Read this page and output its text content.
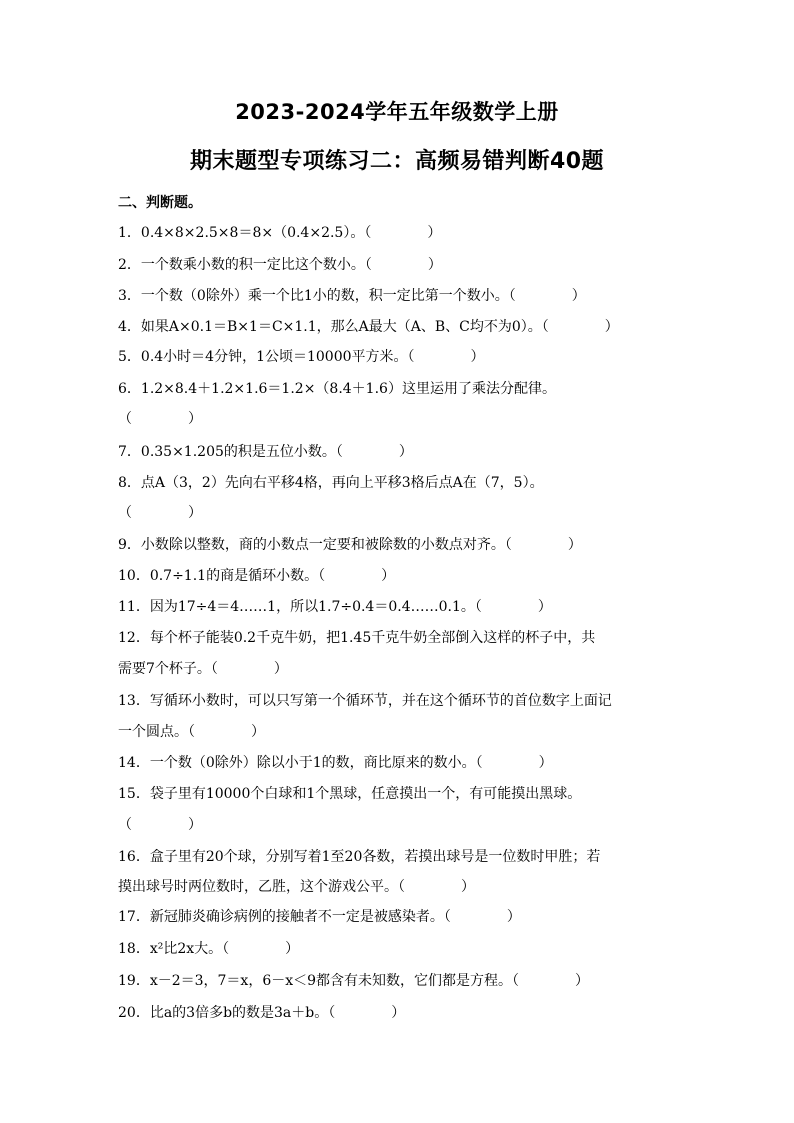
2023-2024学年五年级数学上册
期末题型专项练习二：高频易错判断40题
二、判断题。
1．0.4×8×2.5×8＝8×（0.4×2.5）。（　　　　）
2．一个数乘小数的积一定比这个数小。（　　　　）
3．一个数（0除外）乘一个比1小的数，积一定比第一个数小。（　　　　）
4．如果A×0.1＝B×1＝C×1.1，那么A最大（A、B、C均不为0）。（　　　　）
5．0.4小时＝4分钟，1公顷＝10000平方米。（　　　　）
6．1.2×8.4＋1.2×1.6＝1.2×（8.4＋1.6）这里运用了乘法分配律。
（　　　　）
7．0.35×1.205的积是五位小数。（　　　　）
8．点A（3，2）先向右平移4格，再向上平移3格后点A在（7，5）。
（　　　　）
9．小数除以整数，商的小数点一定要和被除数的小数点对齐。（　　　　）
10．0.7÷1.1的商是循环小数。（　　　　）
11．因为17÷4＝4……1，所以1.7÷0.4＝0.4……0.1。（　　　　）
12．每个杯子能装0.2千克牛奶，把1.45千克牛奶全部倒入这样的杯子中，共
需要7个杯子。（　　　　）
13．写循环小数时，可以只写第一个循环节，并在这个循环节的首位数字上面记
一个圆点。（　　　　）
14．一个数（0除外）除以小于1的数，商比原来的数小。（　　　　）
15．袋子里有10000个白球和1个黑球，任意摸出一个，有可能摸出黑球。
（　　　　）
16．盒子里有20个球，分别写着1至20各数，若摸出球号是一位数时甲胜；若
摸出球号时两位数时，乙胜，这个游戏公平。（　　　　）
17．新冠肺炎确诊病例的接触者不一定是被感染者。（　　　　）
18．x²比2x大。（　　　　）
19．x－2＝3，7＝x，6－x＜9都含有未知数，它们都是方程。（　　　　）
20．比a的3倍多b的数是3a＋b。（　　　　）
